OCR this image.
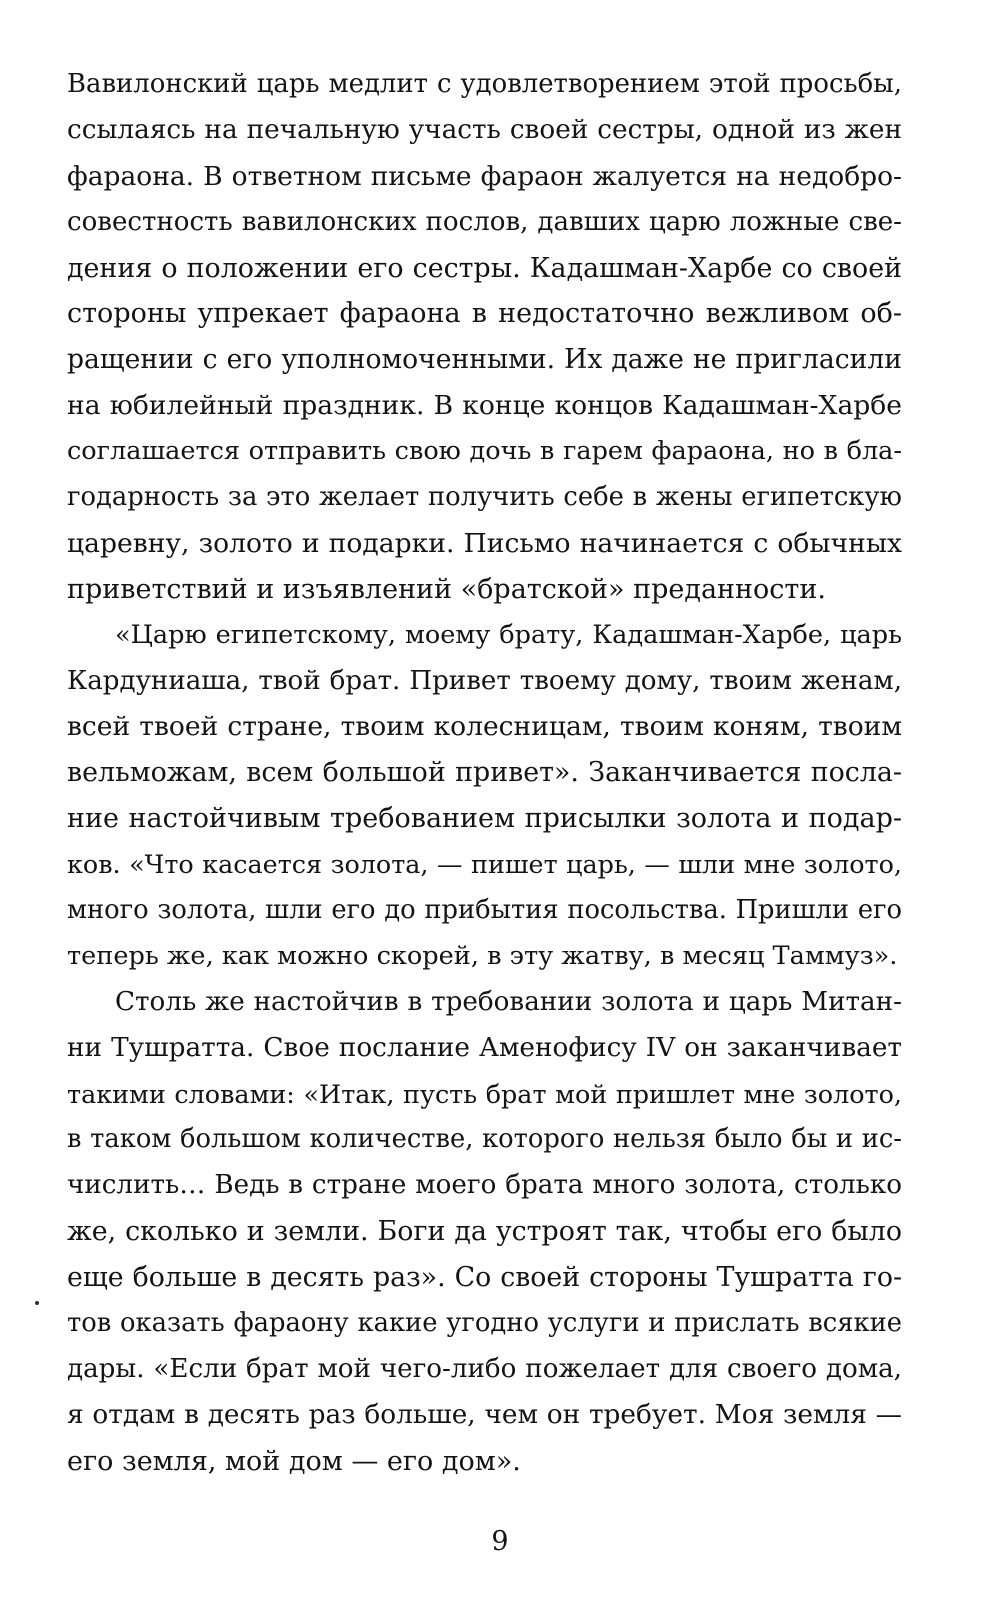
Вавилонский царь медлит с удовлетворением этой просьбы,
ссылаясь на печальную участь своей сестры, одной из жен
фараона. В ответном письме фараон жалуется на недобро-
совестность вавилонских послов, давших царю ложные све-
дения о положении его сестры. Кадашман-Харбе со своей
стороны упрекает фараона в недостаточно вежливом об-
ращении с его уполномоченными. Их даже не пригласили
на юбилейный праздник. В конце концов Кадашман-Харбе
соглашается отправить свою дочь в гарем фараона, но в бла-
годарность за это желает получить себе в жены египетскую
царевну, золото и подарки. Письмо начинается с обычных
приветствий и изъявлений «братской» преданности.
«Царю египетскому, моему брату, Кадашман-Харбе, царь
Кардуниаша, твой брат. Привет твоему дому, твоим женам,
всей твоей стране, твоим колесницам, твоим коням, твоим
вельможам, всем большой привет». Заканчивается посла-
ние настойчивым требованием присылки золота и подар-
ков. «Что касается золота, — пишет царь, — шли мне золото,
много золота, шли его до прибытия посольства. Пришли его
теперь же, как можно скорей, в эту жатву, в месяц Таммуз».
Столь же настойчив в требовании золота и царь Митан-
ни Тушратта. Свое послание Аменофису IV он заканчивает
такими словами: «Итак, пусть брат мой пришлет мне золото,
в таком большом количестве, которого нельзя было бы и ис-
числить… Ведь в стране моего брата много золота, столько
же, сколько и земли. Боги да устроят так, чтобы его было
еще больше в десять раз». Со своей стороны Тушратта го-
тов оказать фараону какие угодно услуги и прислать всякие
дары. «Если брат мой чего-либо пожелает для своего дома,
я отдам в десять раз больше, чем он требует. Моя земля —
его земля, мой дом — его дом».
9
